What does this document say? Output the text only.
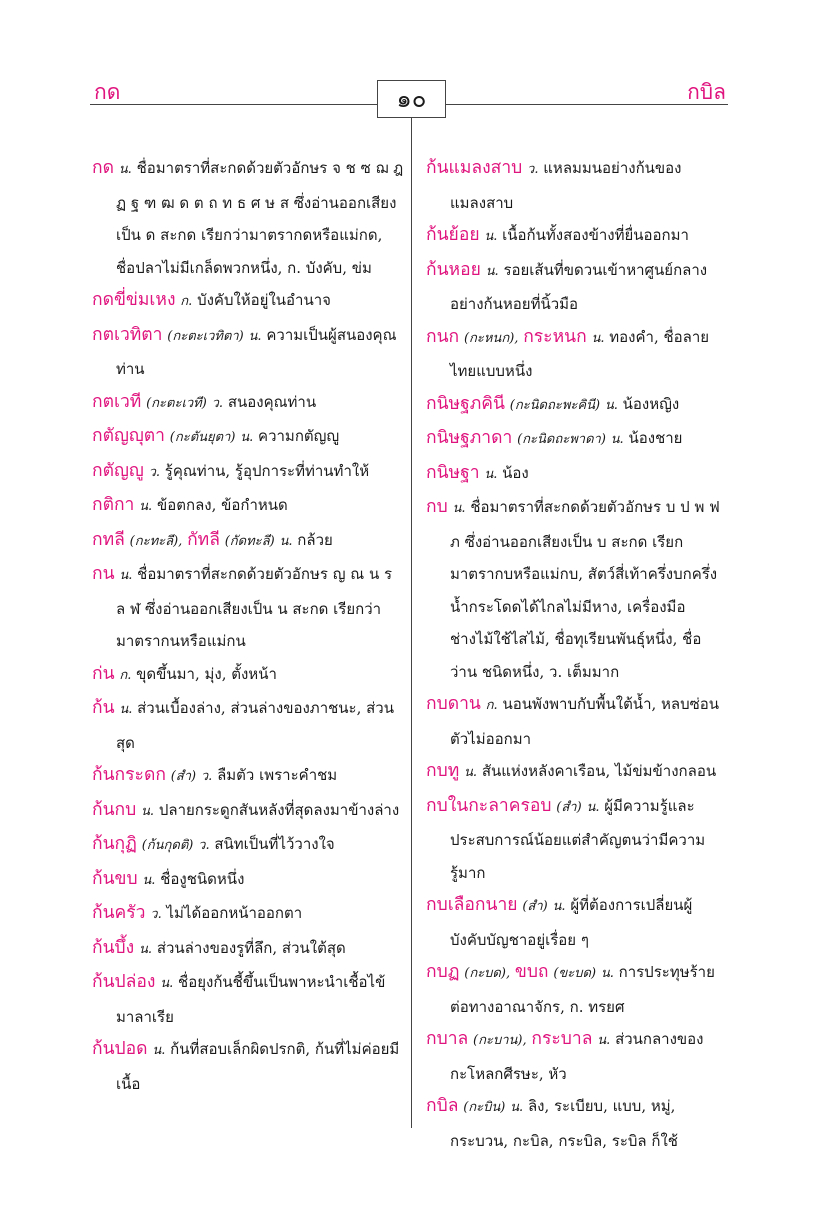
กด	กบิล
๑๐

กด น. ชื่อมาตราที่สะกดด้วยตัวอักษร จ ช ซ ฌ ฎ ฏ ฐ ฑ ฒ ด ต ถ ท ธ ศ ษ ส ซึ่งอ่านออกเสียงเป็น ด สะกด เรียกว่ามาตรากดหรือแม่กด, ชื่อปลาไม่มีเกล็ดพวกหนึ่ง, ก. บังคับ, ข่ม

กดขี่ข่มเหง ก. บังคับให้อยู่ในอำนาจ

กตเวทิตา (กะตะเวทิตา) น. ความเป็นผู้สนองคุณท่าน

กตเวที (กะตะเวที) ว. สนองคุณท่าน

กตัญญุตา (กะตันยุตา) น. ความกตัญญู

กตัญญู ว. รู้คุณท่าน, รู้อุปการะที่ท่านทำให้

กติกา น. ข้อตกลง, ข้อกำหนด

กทลี (กะทะลี), กัทลี (กัดทะลี) น. กล้วย

กน น. ชื่อมาตราที่สะกดด้วยตัวอักษร ญ ณ น ร ล ฬ ซึ่งอ่านออกเสียงเป็น น สะกด เรียกว่ามาตรากนหรือแม่กน

ก่น ก. ขุดขึ้นมา, มุ่ง, ตั้งหน้า

ก้น น. ส่วนเบื้องล่าง, ส่วนล่างของภาชนะ, ส่วนสุด

ก้นกระดก (สำ) ว. ลืมตัว เพราะคำชม

ก้นกบ น. ปลายกระดูกสันหลังที่สุดลงมาข้างล่าง

ก้นกุฏิ (ก้นกุดติ) ว. สนิทเป็นที่ไว้วางใจ

ก้นขบ น. ชื่องูชนิดหนึ่ง

ก้นครัว ว. ไม่ได้ออกหน้าออกตา

ก้นบึ้ง น. ส่วนล่างของรูที่ลึก, ส่วนใต้สุด

ก้นปล่อง น. ชื่อยุงก้นชี้ขึ้นเป็นพาหะนำเชื้อไข้มาลาเรีย

ก้นปอด น. ก้นที่สอบเล็กผิดปรกติ, ก้นที่ไม่ค่อยมีเนื้อ

ก้นแมลงสาบ ว. แหลมมนอย่างก้นของแมลงสาบ

ก้นย้อย น. เนื้อก้นทั้งสองข้างที่ยื่นออกมา

ก้นหอย น. รอยเส้นที่ขดวนเข้าหาศูนย์กลางอย่างก้นหอยที่นิ้วมือ

กนก (กะหนก), กระหนก น. ทองคำ, ชื่อลายไทยแบบหนึ่ง

กนิษฐภคินี (กะนิดถะพะคินี) น. น้องหญิง

กนิษฐภาดา (กะนิดถะพาดา) น. น้องชาย

กนิษฐา น. น้อง

กบ น. ชื่อมาตราที่สะกดด้วยตัวอักษร บ ป พ ฟ ภ ซึ่งอ่านออกเสียงเป็น บ สะกด เรียกมาตรากบหรือแม่กบ, สัตว์สี่เท้าครึ่งบกครึ่งน้ำกระโดดได้ไกลไม่มีหาง, เครื่องมือช่างไม้ใช้ไสไม้, ชื่อทุเรียนพันธุ์หนึ่ง, ชื่อว่าน ชนิดหนึ่ง, ว. เต็มมาก

กบดาน ก. นอนพังพาบกับพื้นใต้น้ำ, หลบซ่อนตัวไม่ออกมา

กบทู น. สันแห่งหลังคาเรือน, ไม้ข่มข้างกลอน

กบในกะลาครอบ (สำ) น. ผู้มีความรู้และประสบการณ์น้อยแต่สำคัญตนว่ามีความรู้มาก

กบเลือกนาย (สำ) น. ผู้ที่ต้องการเปลี่ยนผู้บังคับบัญชาอยู่เรื่อย ๆ

กบฏ (กะบด), ขบถ (ขะบด) น. การประทุษร้ายต่อทางอาณาจักร, ก. ทรยศ

กบาล (กะบาน), กระบาล น. ส่วนกลางของกะโหลกศีรษะ, หัว

กบิล (กะบิน) น. ลิง, ระเบียบ, แบบ, หมู่, กระบวน, กะบิล, กระบิล, ระบิล ก็ใช้
